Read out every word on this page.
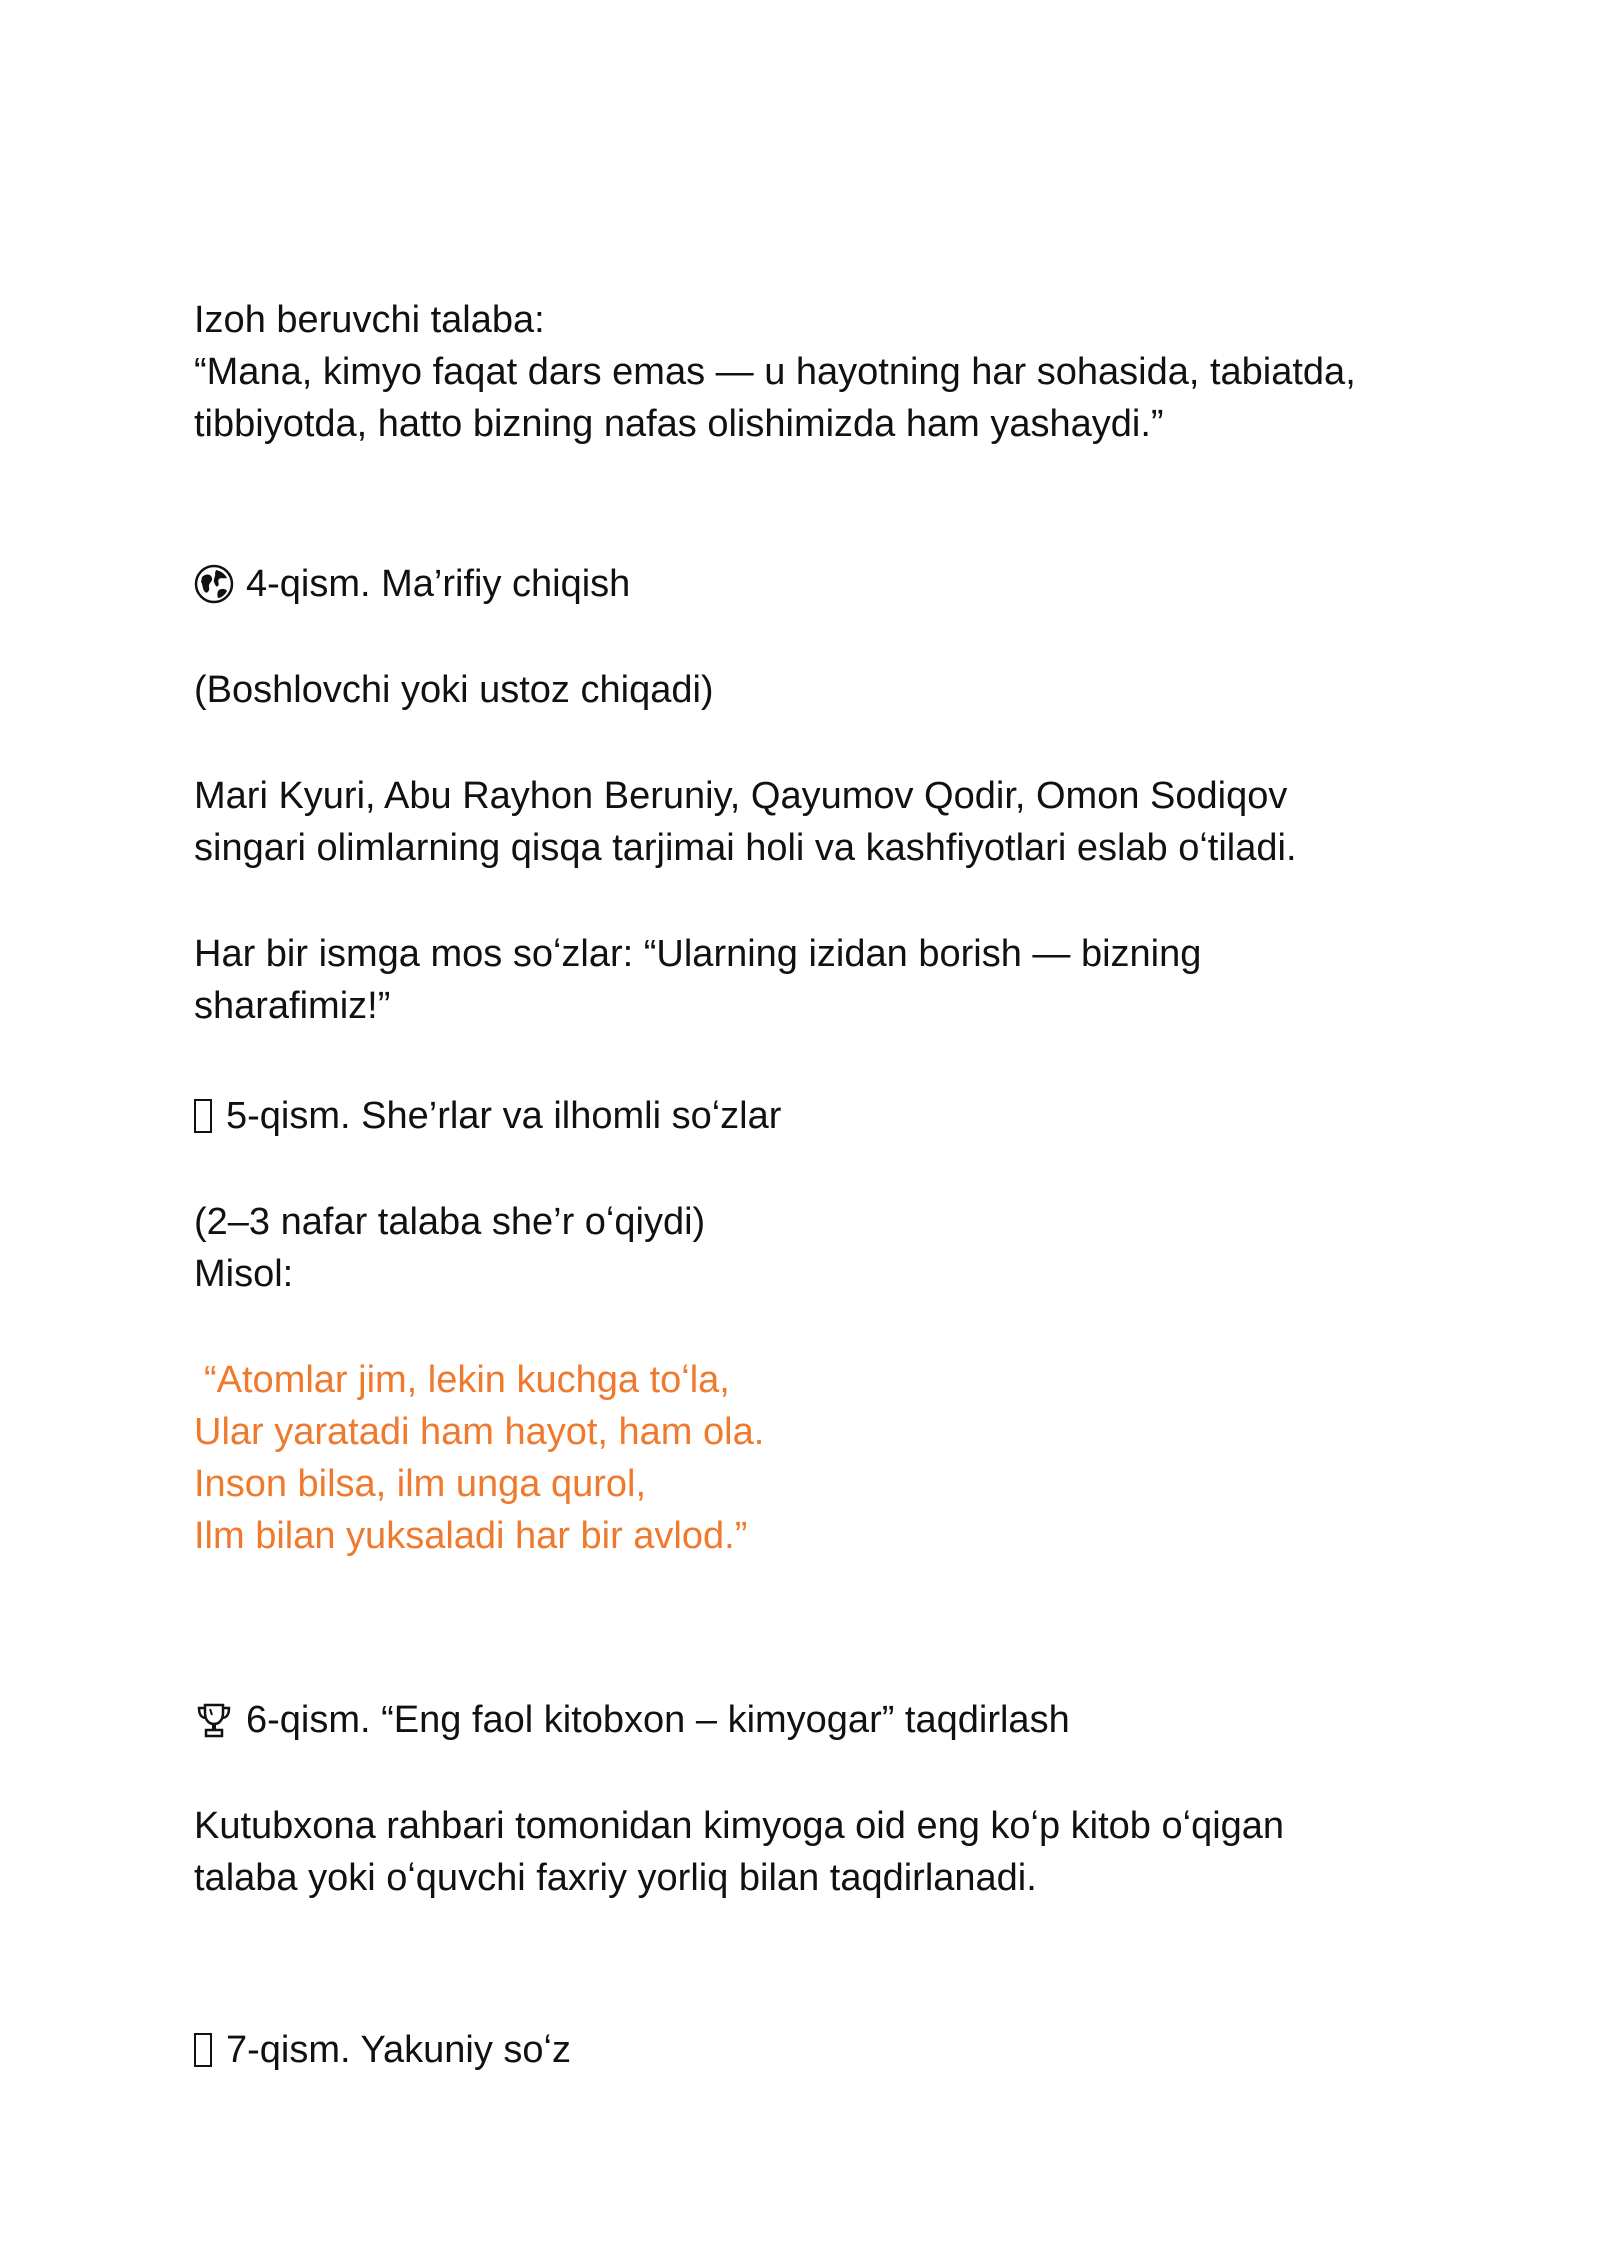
Izoh beruvchi talaba:
“Mana, kimyo faqat dars emas — u hayotning har sohasida, tabiatda,
tibbiyotda, hatto bizning nafas olishimizda ham yashaydi.”
4-qism. Ma’rifiy chiqish
(Boshlovchi yoki ustoz chiqadi)
Mari Kyuri, Abu Rayhon Beruniy, Qayumov Qodir, Omon Sodiqov
singari olimlarning qisqa tarjimai holi va kashfiyotlari eslab oʻtiladi.
Har bir ismga mos soʻzlar: “Ularning izidan borish — bizning
sharafimiz!”
5-qism. She’rlar va ilhomli soʻzlar
(2–3 nafar talaba she’r oʻqiydi)
Misol:
“Atomlar jim, lekin kuchga toʻla,
Ular yaratadi ham hayot, ham ola.
Inson bilsa, ilm unga qurol,
Ilm bilan yuksaladi har bir avlod.”
6-qism. “Eng faol kitobxon – kimyogar” taqdirlash
Kutubxona rahbari tomonidan kimyoga oid eng koʻp kitob oʻqigan
talaba yoki oʻquvchi faxriy yorliq bilan taqdirlanadi.
7-qism. Yakuniy soʻz
